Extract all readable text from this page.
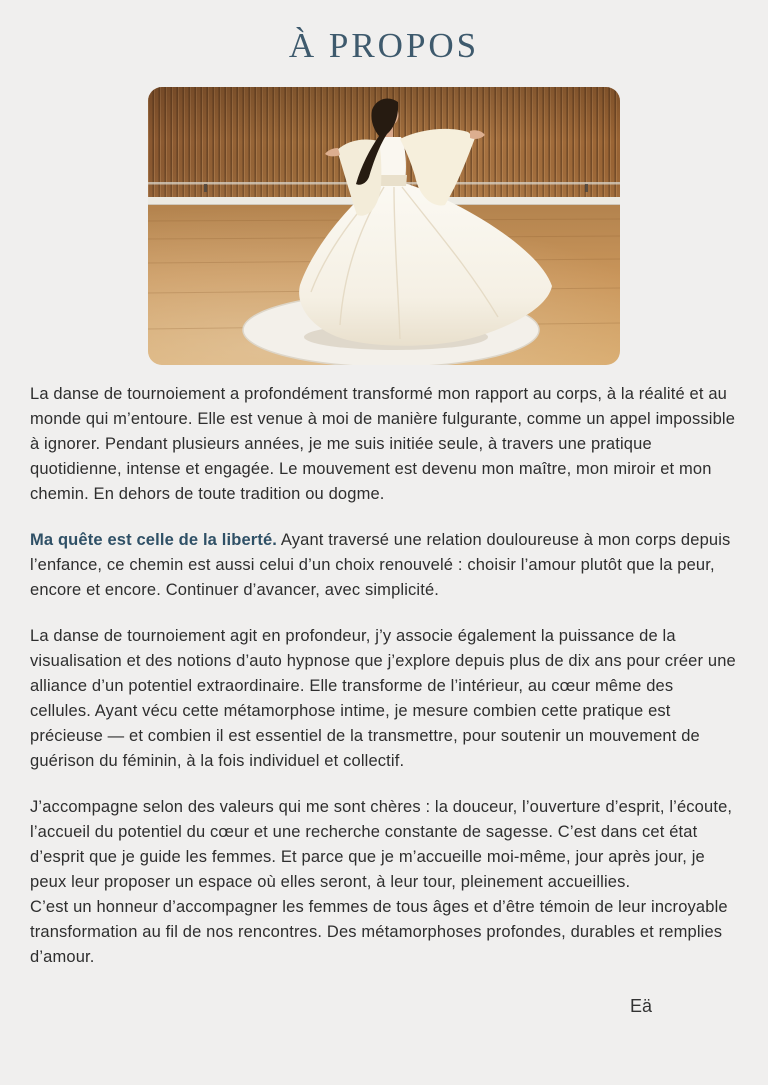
À PROPOS

La danse de tournoiement a profondément transformé mon rapport au corps, à la réalité et au monde qui m’entoure. Elle est venue à moi de manière fulgurante, comme un appel impossible à ignorer. Pendant plusieurs années, je me suis initiée seule, à travers une pratique quotidienne, intense et engagée. Le mouvement est devenu mon maître, mon miroir et mon chemin. En dehors de toute tradition ou dogme.

Ma quête est celle de la liberté. Ayant traversé une relation douloureuse à mon corps depuis l’enfance, ce chemin est aussi celui d’un choix renouvelé : choisir l’amour plutôt que la peur, encore et encore. Continuer d’avancer, avec simplicité.

La danse de tournoiement agit en profondeur, j’y associe également la puissance de la visualisation et des notions d’auto hypnose que j’explore depuis plus de dix ans pour créer une alliance d’un potentiel extraordinaire. Elle transforme de l’intérieur, au cœur même des cellules. Ayant vécu cette métamorphose intime, je mesure combien cette pratique est précieuse — et combien il est essentiel de la transmettre, pour soutenir un mouvement de guérison du féminin, à la fois individuel et collectif.

J’accompagne selon des valeurs qui me sont chères : la douceur, l’ouverture d’esprit, l’écoute, l’accueil du potentiel du cœur et une recherche constante de sagesse. C’est dans cet état d’esprit que je guide les femmes. Et parce que je m’accueille moi-même, jour après jour, je peux leur proposer un espace où elles seront, à leur tour, pleinement accueillies.
C’est un honneur d’accompagner les femmes de tous âges et d’être témoin de leur incroyable transformation au fil de nos rencontres. Des métamorphoses profondes, durables et remplies d’amour.

Eä
